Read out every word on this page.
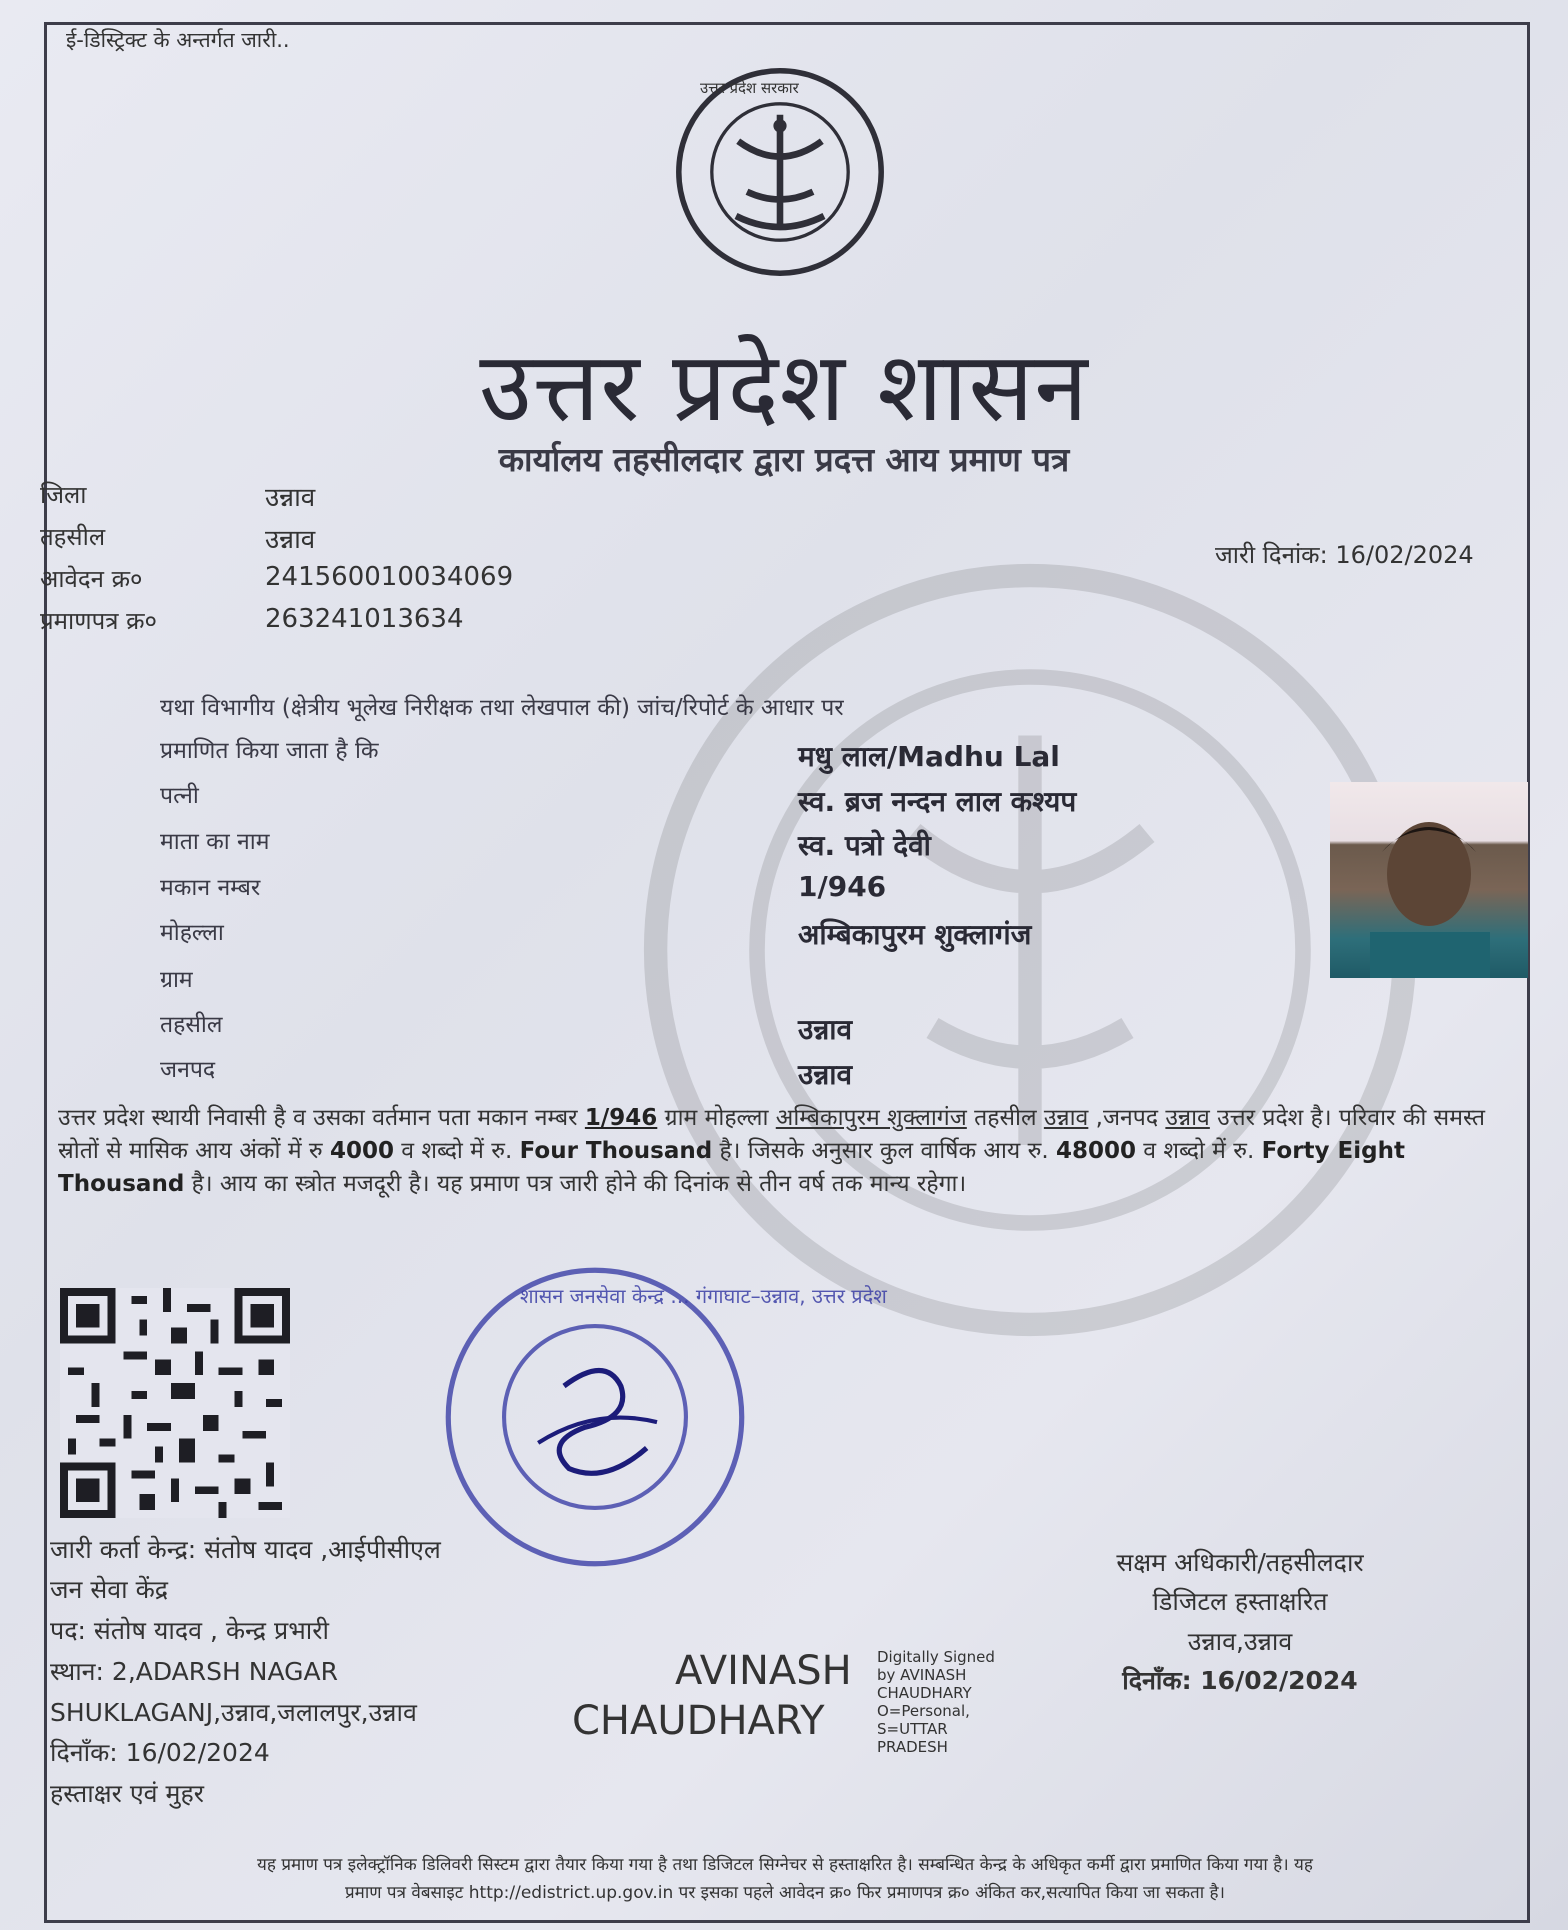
ई-डिस्ट्रिक्ट के अन्तर्गत जारी..
उत्तर प्रदेश सरकार
उत्तर प्रदेश शासन
कार्यालय तहसीलदार द्वारा प्रदत्त आय प्रमाण पत्र
जिला	उन्नाव
तहसील	उन्नाव
आवेदन क्र०	241560010034069
प्रमाणपत्र क्र०	263241013634
जारी दिनांक: 16/02/2024
यथा विभागीय (क्षेत्रीय भूलेख निरीक्षक तथा लेखपाल की) जांच/रिपोर्ट के आधार पर
प्रमाणित किया जाता है कि	मधु लाल/Madhu Lal
पत्नी	स्व. ब्रज नन्दन लाल कश्यप
माता का नाम	स्व. पत्रो देवी
मकान नम्बर	1/946
मोहल्ला	अम्बिकापुरम शुक्लागंज
ग्राम
तहसील	उन्नाव
जनपद	उन्नाव
उत्तर प्रदेश स्थायी निवासी है व उसका वर्तमान पता मकान नम्बर 1/946 ग्राम मोहल्ला अम्बिकापुरम शुक्लागंज तहसील उन्नाव ,जनपद उन्नाव उत्तर प्रदेश है। परिवार की समस्त स्रोतों से मासिक आय अंकों में रु 4000 व शब्दो में रु. Four Thousand है। जिसके अनुसार कुल वार्षिक आय रु. 48000 व शब्दो में रु. Forty Eight Thousand है। आय का स्त्रोत मजदूरी है। यह प्रमाण पत्र जारी होने की दिनांक से तीन वर्ष तक मान्य रहेगा।
शासन जनसेवा केन्द्र ... गंगाघाट–उन्नाव, उत्तर प्रदेश
जारी कर्ता केन्द्र: संतोष यादव ,आईपीसीएल
जन सेवा केंद्र
पद: संतोष यादव , केन्द्र प्रभारी
स्थान: 2,ADARSH NAGAR
SHUKLAGANJ,उन्नाव,जलालपुर,उन्नाव
दिनाँक: 16/02/2024
हस्ताक्षर एवं मुहर
AVINASH
CHAUDHARY
Digitally Signed
by AVINASH
CHAUDHARY
O=Personal,
S=UTTAR
PRADESH
सक्षम अधिकारी/तहसीलदार
डिजिटल हस्ताक्षरित
उन्नाव,उन्नाव
दिनाँक: 16/02/2024
यह प्रमाण पत्र इलेक्ट्रॉनिक डिलिवरी सिस्टम द्वारा तैयार किया गया है तथा डिजिटल सिग्नेचर से हस्ताक्षरित है। सम्बन्धित केन्द्र के अधिकृत कर्मी द्वारा प्रमाणित किया गया है। यह
प्रमाण पत्र वेबसाइट http://edistrict.up.gov.in पर इसका पहले आवेदन क्र० फिर प्रमाणपत्र क्र० अंकित कर,सत्यापित किया जा सकता है।
